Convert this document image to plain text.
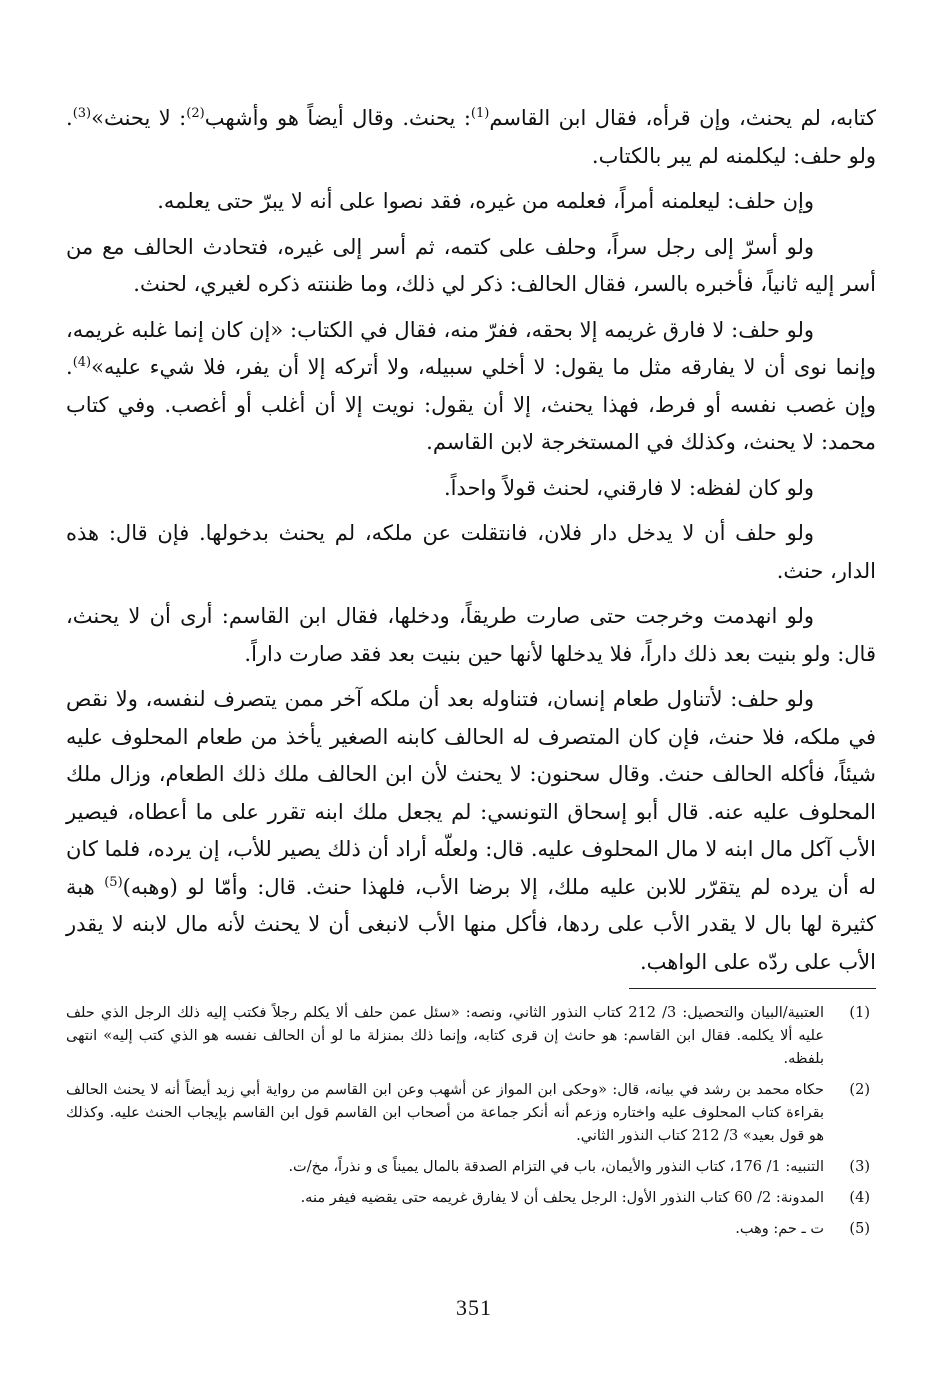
كتابه، لم يحنث، وإن قرأه، فقال ابن القاسم$^{(1)}$: يحنث. وقال أيضاً هو وأشهب$^{(2)}$: لا يحنث»$^{(3)}$. ولو حلف: ليكلمنه لم يبر بالكتاب.

وإن حلف: ليعلمنه أمراً، فعلمه من غيره، فقد نصوا على أنه لا يبرّ حتى يعلمه.

ولو أسرّ إلى رجل سراً، وحلف على كتمه، ثم أسر إلى غيره، فتحادث الحالف مع من أسر إليه ثانياً، فأخبره بالسر، فقال الحالف: ذكر لي ذلك، وما ظننته ذكره لغيري، لحنث.

ولو حلف: لا فارق غريمه إلا بحقه، ففرّ منه، فقال في الكتاب: «إن كان إنما غلبه غريمه، وإنما نوى أن لا يفارقه مثل ما يقول: لا أخلي سبيله، ولا أتركه إلا أن يفر، فلا شيء عليه»$^{(4)}$. وإن غصب نفسه أو فرط، فهذا يحنث، إلا أن يقول: نويت إلا أن أغلب أو أغصب. وفي كتاب محمد: لا يحنث، وكذلك في المستخرجة لابن القاسم.

ولو كان لفظه: لا فارقني، لحنث قولاً واحداً.

ولو حلف أن لا يدخل دار فلان، فانتقلت عن ملكه، لم يحنث بدخولها. فإن قال: هذه الدار، حنث.

ولو انهدمت وخرجت حتى صارت طريقاً، ودخلها، فقال ابن القاسم: أرى أن لا يحنث، قال: ولو بنيت بعد ذلك داراً، فلا يدخلها لأنها حين بنيت بعد فقد صارت داراً.

ولو حلف: لأتناول طعام إنسان، فتناوله بعد أن ملكه آخر ممن يتصرف لنفسه، ولا نقص في ملكه، فلا حنث، فإن كان المتصرف له الحالف كابنه الصغير يأخذ من طعام المحلوف عليه شيئاً، فأكله الحالف حنث. وقال سحنون: لا يحنث لأن ابن الحالف ملك ذلك الطعام، وزال ملك المحلوف عليه عنه. قال أبو إسحاق التونسي: لم يجعل ملك ابنه تقرر على ما أعطاه، فيصير الأب آكل مال ابنه لا مال المحلوف عليه. قال: ولعلّه أراد أن ذلك يصير للأب، إن يرده، فلما كان له أن يرده لم يتقرّر للابن عليه ملك، إلا برضا الأب، فلهذا حنث. قال: وأمّا لو (وهبه)$^{(5)}$ هبة كثيرة لها بال لا يقدر الأب على ردها، فأكل منها الأب لانبغى أن لا يحنث لأنه مال لابنه لا يقدر الأب على ردّه على الواهب.

(1)
العتبية/البيان والتحصيل: 3/ 212 كتاب النذور الثاني، ونصه: «سئل عمن حلف ألا يكلم رجلاً فكتب إليه ذلك الرجل الذي حلف عليه ألا يكلمه. فقال ابن القاسم: هو حانث إن قرى كتابه، وإنما ذلك بمنزلة ما لو أن الحالف نفسه هو الذي كتب إليه» انتهى بلفظه.
(2)
حكاه محمد بن رشد في بيانه، قال: «وحكى ابن المواز عن أشهب وعن ابن القاسم من رواية أبي زيد أيضاً أنه لا يحنث الحالف بقراءة كتاب المحلوف عليه واختاره وزعم أنه أنكر جماعة من أصحاب ابن القاسم قول ابن القاسم بإيجاب الحنث عليه. وكذلك هو قول بعيد» 3/ 212 كتاب النذور الثاني.
(3)
التنبيه: 1/ 176، كتاب النذور والأيمان، باب في التزام الصدقة بالمال يميناً ى و نذراً، مخ/ت.
(4)
المدونة: 2/ 60 كتاب النذور الأول: الرجل يحلف أن لا يفارق غريمه حتى يقضيه فيفر منه.
(5)
ت ـ حم: وهب.
351
